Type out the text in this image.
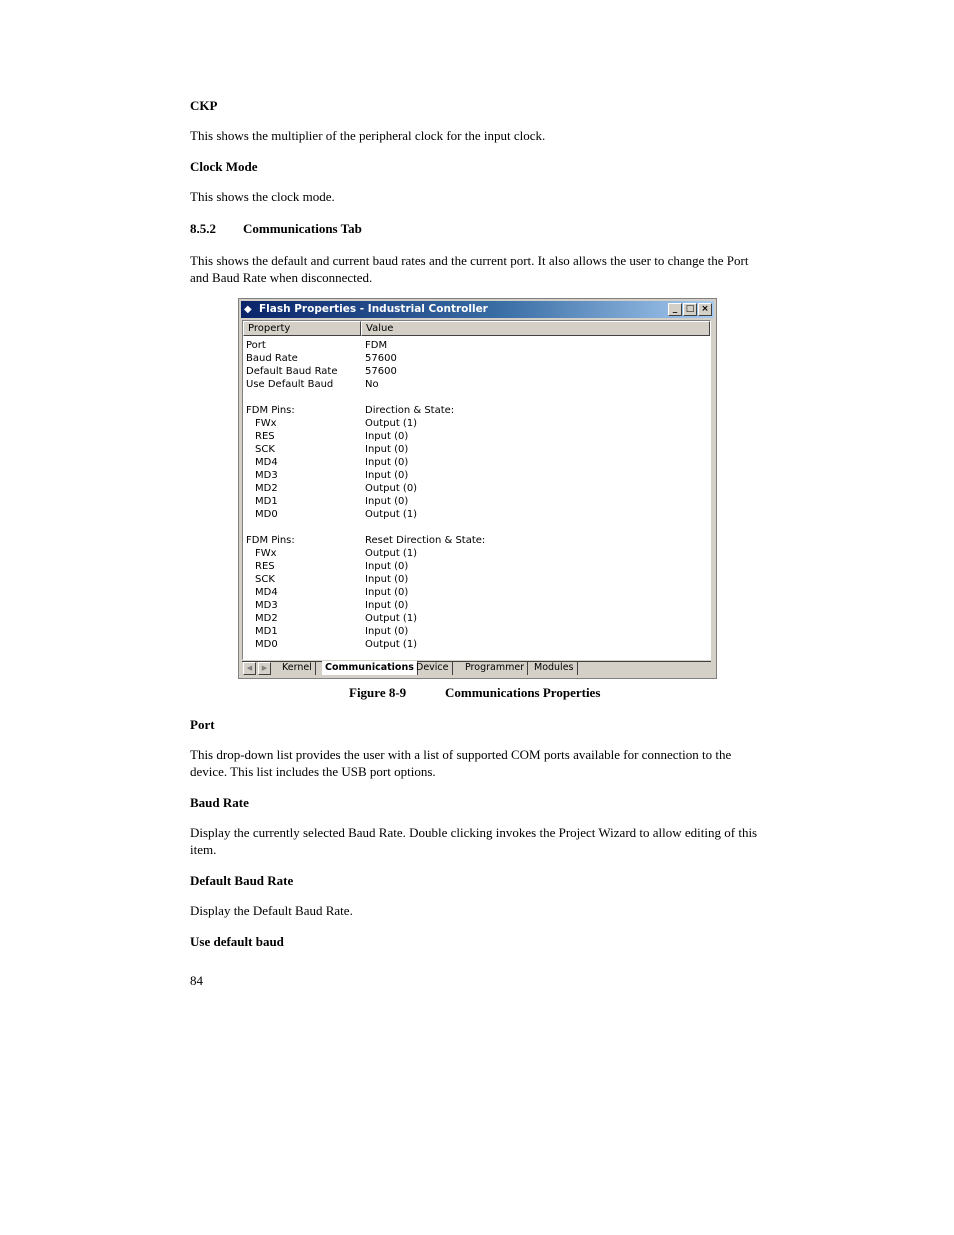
CKP
This shows the multiplier of the peripheral clock for the input clock.
Clock Mode
This shows the clock mode.
8.5.2 Communications Tab
This shows the default and current baud rates and the current port. It also allows the user to change the Port and Baud Rate when disconnected.
◆ Flash Properties - Industrial Controller	_ □ ×
Property	Value
Port	FDM
Baud Rate	57600
Default Baud Rate	57600
Use Default Baud	No
FDM Pins:	Direction & State:
FWx	Output (1)
RES	Input (0)
SCK	Input (0)
MD4	Input (0)
MD3	Input (0)
MD2	Output (0)
MD1	Input (0)
MD0	Output (1)
FDM Pins:	Reset Direction & State:
FWx	Output (1)
RES	Input (0)
SCK	Input (0)
MD4	Input (0)
MD3	Input (0)
MD2	Output (1)
MD1	Input (0)
MD0	Output (1)
◀	▶	Kernel	Communications Device	Programmer	Modules
Figure 8-9	Communications Properties
Port
This drop-down list provides the user with a list of supported COM ports available for connection to the device. This list includes the USB port options.
Baud Rate
Display the currently selected Baud Rate. Double clicking invokes the Project Wizard to allow editing of this item.
Default Baud Rate
Display the Default Baud Rate.
Use default baud
84
